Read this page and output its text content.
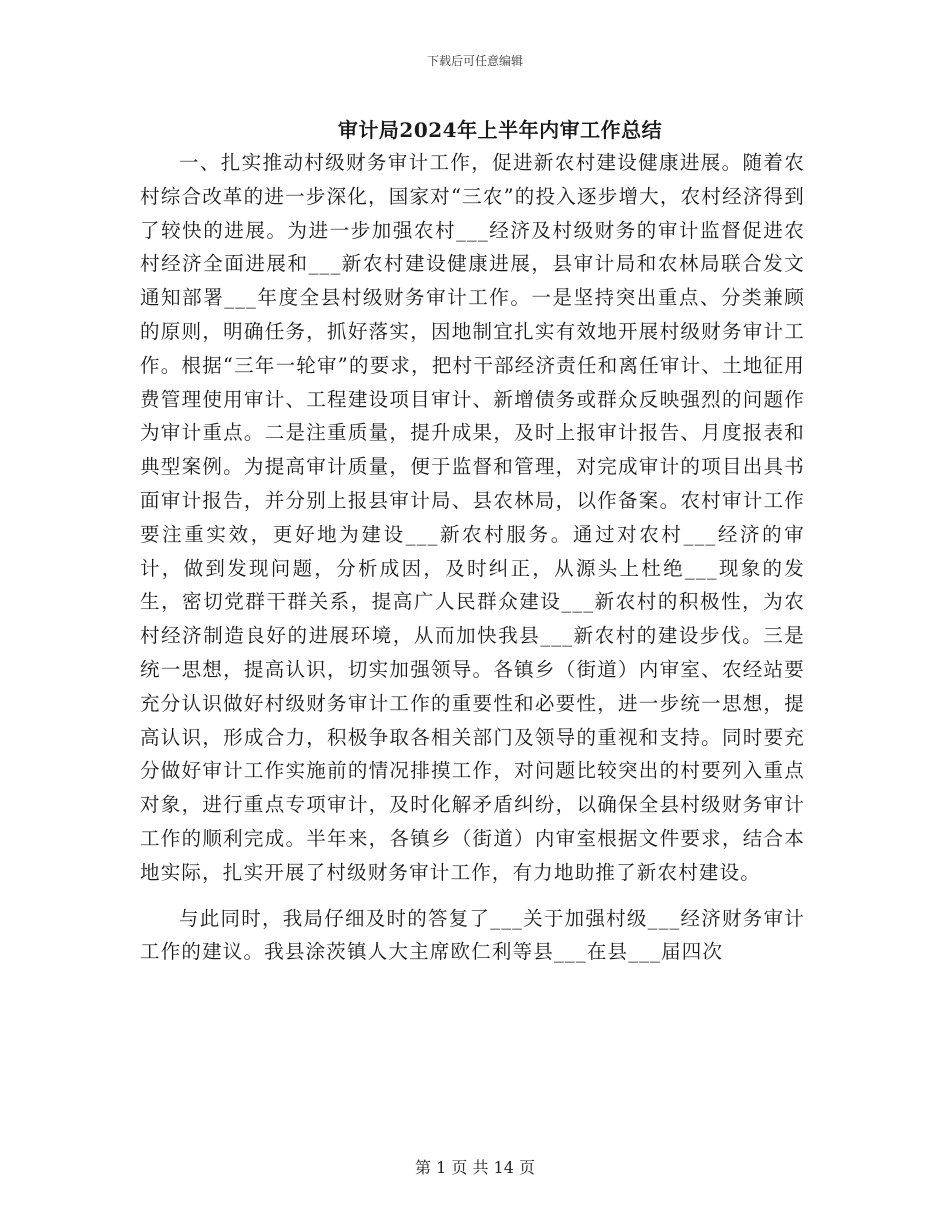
下载后可任意编辑
审计局2024年上半年内审工作总结

一、扎实推动村级财务审计工作，促进新农村建设健康进展。随着农村综合改革的进一步深化，国家对“三农”的投入逐步增大，农村经济得到了较快的进展。为进一步加强农村___经济及村级财务的审计监督促进农村经济全面进展和___新农村建设健康进展，县审计局和农林局联合发文通知部署___年度全县村级财务审计工作。一是坚持突出重点、分类兼顾的原则，明确任务，抓好落实，因地制宜扎实有效地开展村级财务审计工作。根据“三年一轮审”的要求，把村干部经济责任和离任审计、土地征用费管理使用审计、工程建设项目审计、新增债务或群众反映强烈的问题作为审计重点。二是注重质量，提升成果，及时上报审计报告、月度报表和典型案例。为提高审计质量，便于监督和管理，对完成审计的项目出具书面审计报告，并分别上报县审计局、县农林局，以作备案。农村审计工作要注重实效，更好地为建设___新农村服务。通过对农村___经济的审计，做到发现问题，分析成因，及时纠正，从源头上杜绝___现象的发生，密切党群干群关系，提高广人民群众建设___新农村的积极性，为农村经济制造良好的进展环境，从而加快我县___新农村的建设步伐。三是统一思想，提高认识，切实加强领导。各镇乡（街道）内审室、农经站要充分认识做好村级财务审计工作的重要性和必要性，进一步统一思想，提高认识，形成合力，积极争取各相关部门及领导的重视和支持。同时要充分做好审计工作实施前的情况排摸工作，对问题比较突出的村要列入重点对象，进行重点专项审计，及时化解矛盾纠纷，以确保全县村级财务审计工作的顺利完成。半年来，各镇乡（街道）内审室根据文件要求，结合本地实际，扎实开展了村级财务审计工作，有力地助推了新农村建设。

与此同时，我局仔细及时的答复了___关于加强村级___经济财务审计工作的建议。我县涂茨镇人大主席欧仁利等县___在县___届四次

第 1 页 共 14 页
